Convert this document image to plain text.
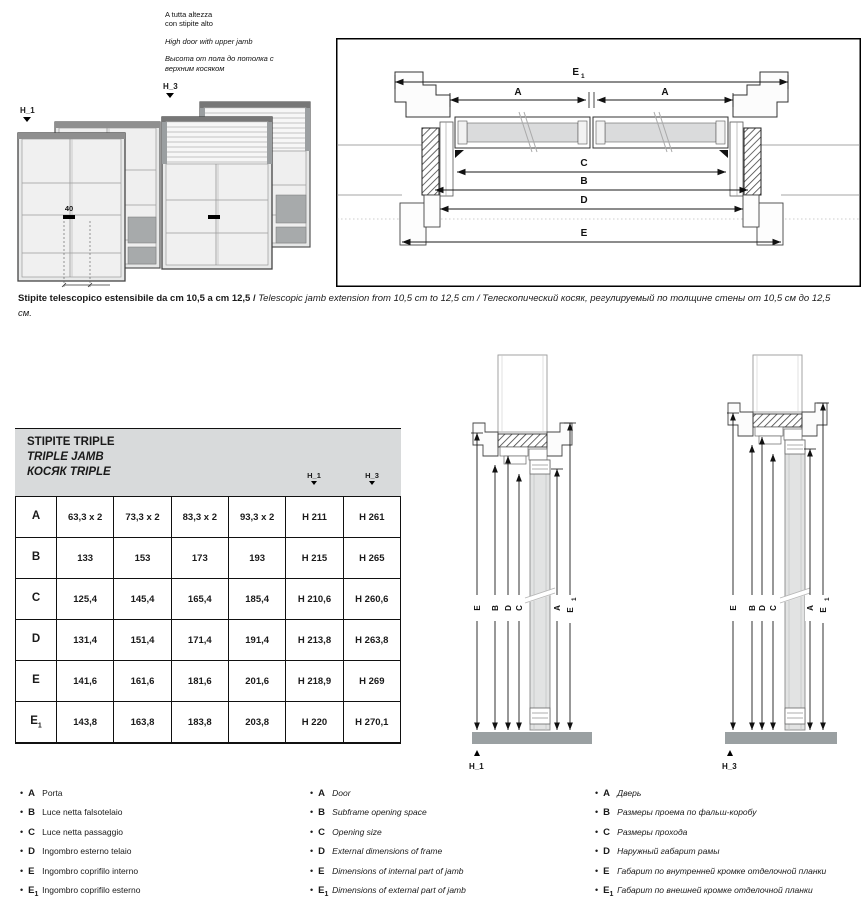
A tutta altezza
con stipite alto
High door with upper jamb
Высота от пола до потолка с
верхним косяком
H_3
H_1
40
E 1
A	A
C
B
D
E

Stipite telescopico estensibile da cm 10,5 a cm 12,5 / Telescopic jamb extension from 10,5 cm to 12,5 cm / Телескопический косяк, регулируемый по толщине стены от 10,5 см до 12,5 см.

STIPITE TRIPLE
TRIPLE JAMB
КОСЯК TRIPLE	H_1	H_3
A	63,3 x 2	73,3 x 2	83,3 x 2	93,3 x 2	H 211	H 261
B	133	153	173	193	H 215	H 265
C	125,4	145,4	165,4	185,4	H 210,6	H 260,6
D	131,4	151,4	171,4	191,4	H 213,8	H 263,8
E	141,6	161,6	181,6	201,6	H 218,9	H 269
$E_1$	143,8	163,8	183,8	203,8	H 220	H 270,1
E B D C	A E
1
H_1
E B D C	A E
1
H_3
• A Porta
• B Luce netta falsotelaio
• C Luce netta passaggio
• D Ingombro esterno telaio
• E Ingombro coprifilo interno
• $E_1$ Ingombro coprifilo esterno
• A Door
• B Subframe opening space
• C Opening size
• D External dimensions of frame
• E Dimensions of internal part of jamb
• $E_1$ Dimensions of external part of jamb
• A Дверь
• B Размеры проема по фальш-коробу
• C Размеры прохода
• D Наружный габарит рамы
• E Габарит по внутренней кромке отделочной планки
• $E_1$ Габарит по внешней кромке отделочной планки
